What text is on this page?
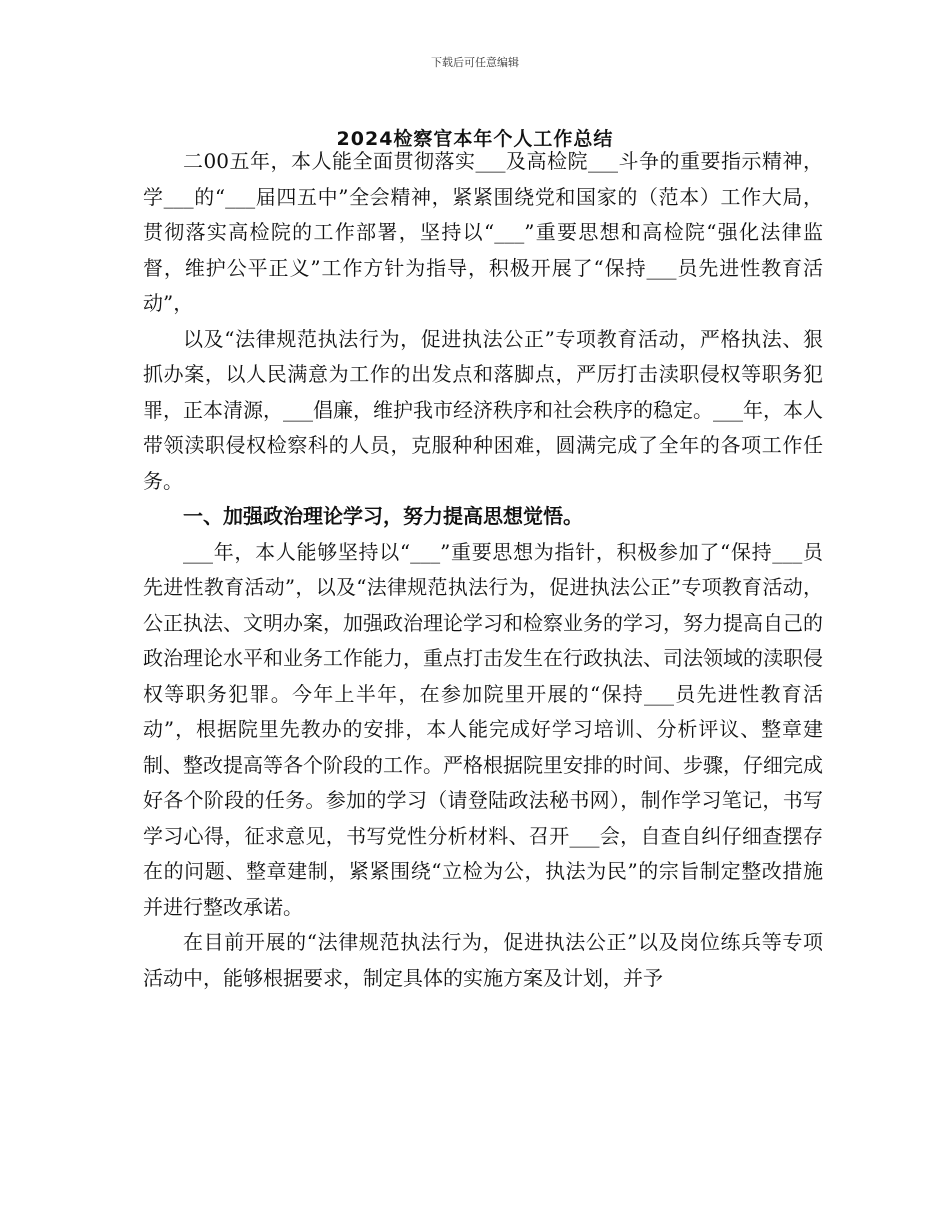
下载后可任意编辑
2024检察官本年个人工作总结

二00五年，本人能全面贯彻落实___及高检院___斗争的重要指示精神，学___的“___届四五中”全会精神，紧紧围绕党和国家的（范本）工作大局，贯彻落实高检院的工作部署，坚持以“___”重要思想和高检院“强化法律监督，维护公平正义”工作方针为指导，积极开展了“保持___员先进性教育活动”，

以及“法律规范执法行为，促进执法公正”专项教育活动，严格执法、狠抓办案，以人民满意为工作的出发点和落脚点，严厉打击渎职侵权等职务犯罪，正本清源，___倡廉，维护我市经济秩序和社会秩序的稳定。___年，本人带领渎职侵权检察科的人员，克服种种困难，圆满完成了全年的各项工作任务。

一、加强政治理论学习，努力提高思想觉悟。

___年，本人能够坚持以“___”重要思想为指针，积极参加了“保持___员先进性教育活动”，以及“法律规范执法行为，促进执法公正”专项教育活动，公正执法、文明办案，加强政治理论学习和检察业务的学习，努力提高自己的政治理论水平和业务工作能力，重点打击发生在行政执法、司法领域的渎职侵权等职务犯罪。今年上半年，在参加院里开展的“保持___员先进性教育活动”，根据院里先教办的安排，本人能完成好学习培训、分析评议、整章建制、整改提高等各个阶段的工作。严格根据院里安排的时间、步骤，仔细完成好各个阶段的任务。参加的学习（请登陆政法秘书网），制作学习笔记，书写学习心得，征求意见，书写党性分析材料、召开___会，自查自纠仔细查摆存在的问题、整章建制，紧紧围绕“立检为公，执法为民”的宗旨制定整改措施并进行整改承诺。

在目前开展的“法律规范执法行为，促进执法公正”以及岗位练兵等专项活动中，能够根据要求，制定具体的实施方案及计划，并予
